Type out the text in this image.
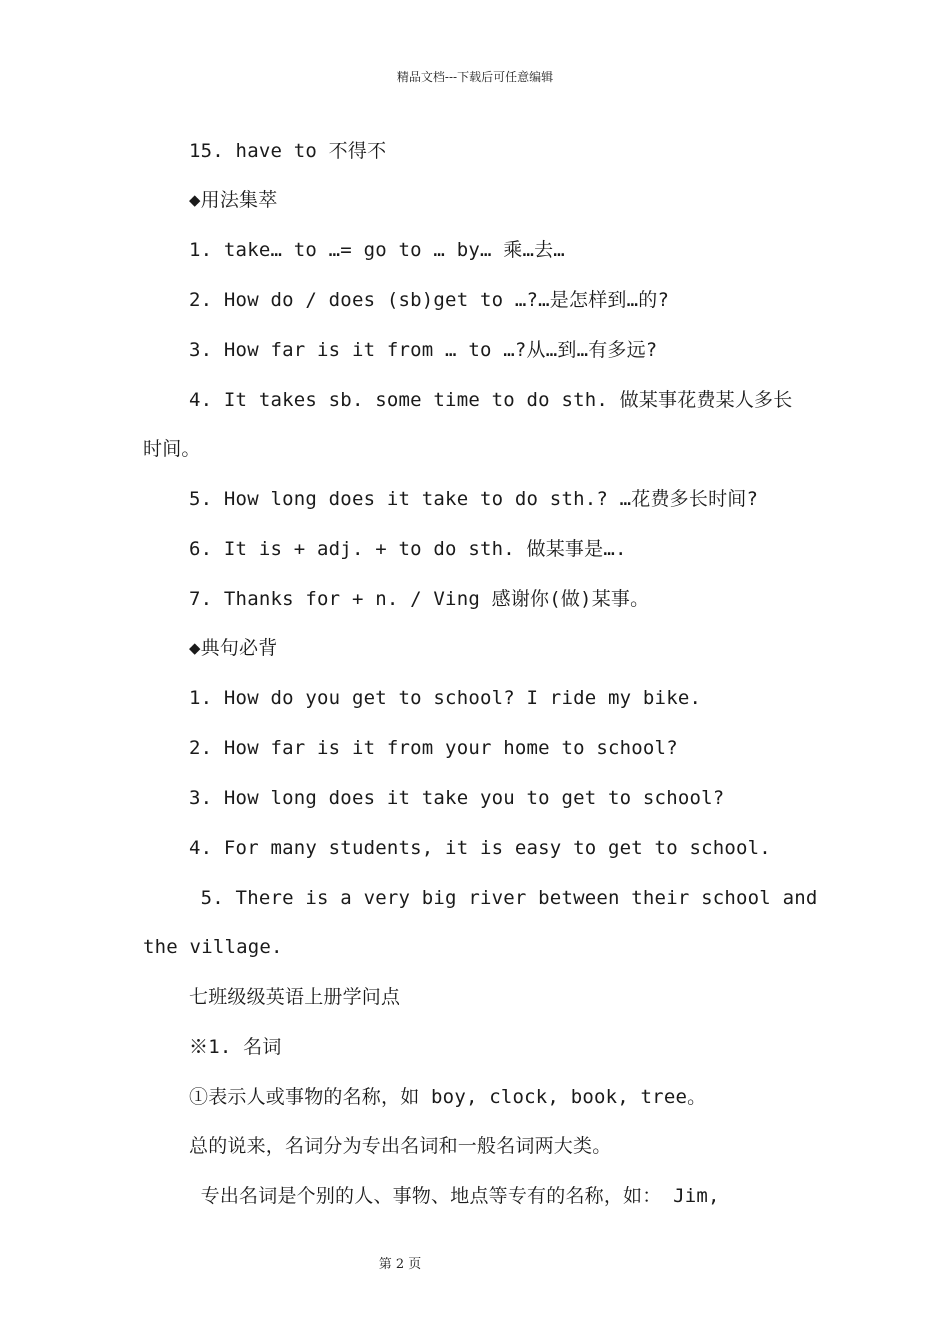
精品文档---下载后可任意编辑
15. have to 不得不
◆用法集萃
1. take… to …= go to … by… 乘…去…
2. How do / does (sb)get to …?…是怎样到…的?
3. How far is it from … to …?从…到…有多远?
4. It takes sb. some time to do sth. 做某事花费某人多长
时间。
5. How long does it take to do sth.? …花费多长时间?
6. It is + adj. + to do sth. 做某事是….
7. Thanks for + n. / Ving 感谢你(做)某事。
◆典句必背
1. How do you get to school? I ride my bike.
2. How far is it from your home to school?
3. How long does it take you to get to school?
4. For many students, it is easy to get to school.
5. There is a very big river between their school and
the village.
七班级级英语上册学问点
※1. 名词
①表示人或事物的名称，如 boy, clock, book, tree。
总的说来，名词分为专出名词和一般名词两大类。
专出名词是个别的人、事物、地点等专有的名称，如： Jim,
第 2 页
